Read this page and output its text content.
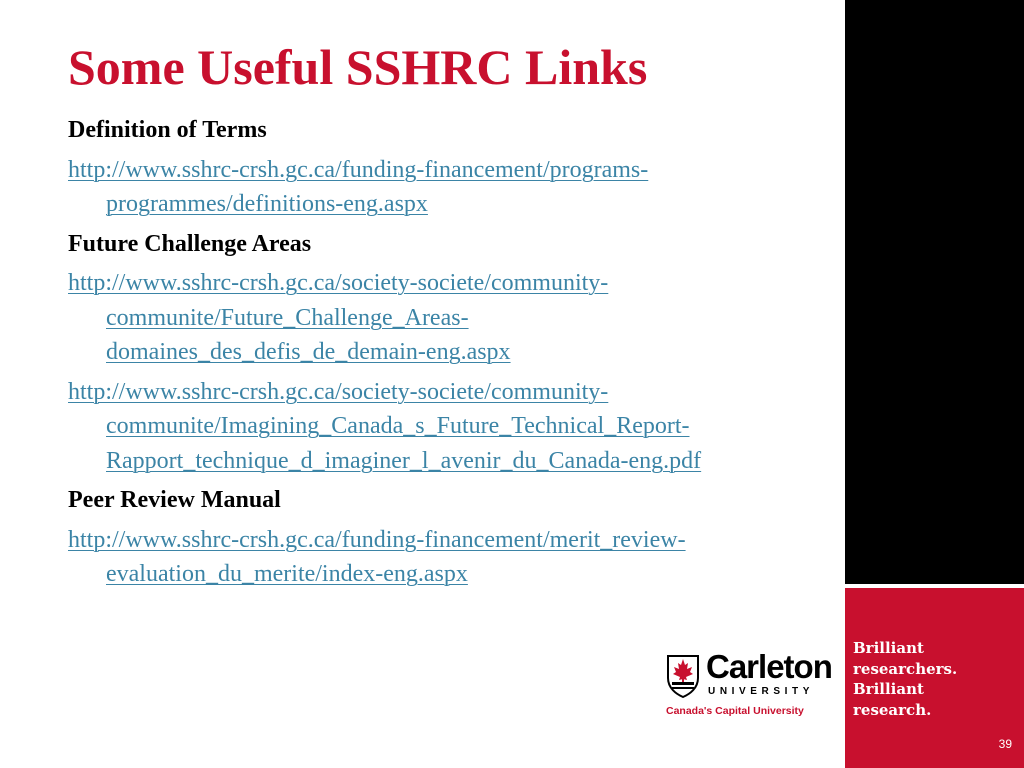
Brilliant
researchers.
Brilliant
research.
39
Some Useful SSHRC Links
Definition of Terms
http://www.sshrc-crsh.gc.ca/funding-financement/programs-
programmes/definitions-eng.aspx
Future Challenge Areas
http://www.sshrc-crsh.gc.ca/society-societe/community-
communite/Future_Challenge_Areas-
domaines_des_defis_de_demain-eng.aspx
http://www.sshrc-crsh.gc.ca/society-societe/community-
communite/Imagining_Canada_s_Future_Technical_Report-
Rapport_technique_d_imaginer_l_avenir_du_Canada-eng.pdf
Peer Review Manual
http://www.sshrc-crsh.gc.ca/funding-financement/merit_review-
evaluation_du_merite/index-eng.aspx
Carleton
UNIVERSITY
Canada's Capital University
